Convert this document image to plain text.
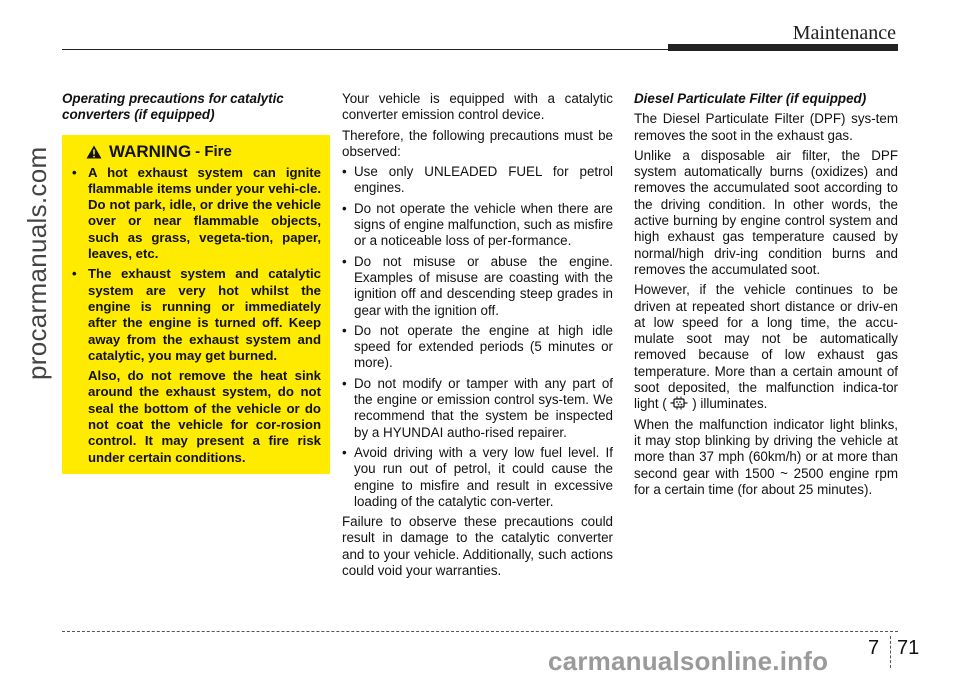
Maintenance
procarmanuals.com
Operating precautions for catalytic converters (if equipped)
WARNING - Fire
• A hot exhaust system can ignite flammable items under your vehi-cle. Do not park, idle, or drive the vehicle over or near flammable objects, such as grass, vegeta-tion, paper, leaves, etc.
• The exhaust system and catalytic system are very hot whilst the engine is running or immediately after the engine is turned off. Keep away from the exhaust system and catalytic, you may get burned.
Also, do not remove the heat sink around the exhaust system, do not seal the bottom of the vehicle or do not coat the vehicle for cor-rosion control. It may present a fire risk under certain conditions.
Your vehicle is equipped with a catalytic converter emission control device.
Therefore, the following precautions must be observed:
• Use only UNLEADED FUEL for petrol engines.
• Do not operate the vehicle when there are signs of engine malfunction, such as misfire or a noticeable loss of per-formance.
• Do not misuse or abuse the engine. Examples of misuse are coasting with the ignition off and descending steep grades in gear with the ignition off.
• Do not operate the engine at high idle speed for extended periods (5 minutes or more).
• Do not modify or tamper with any part of the engine or emission control sys-tem. We recommend that the system be inspected by a HYUNDAI autho-rised repairer.
• Avoid driving with a very low fuel level. If you run out of petrol, it could cause the engine to misfire and result in excessive loading of the catalytic con-verter.
Failure to observe these precautions could result in damage to the catalytic converter and to your vehicle. Additionally, such actions could void your warranties.
Diesel Particulate Filter (if equipped)
The Diesel Particulate Filter (DPF) sys-tem removes the soot in the exhaust gas.
Unlike a disposable air filter, the DPF system automatically burns (oxidizes) and removes the accumulated soot according to the driving condition. In other words, the active burning by engine control system and high exhaust gas temperature caused by normal/high driv-ing condition burns and removes the accumulated soot.
However, if the vehicle continues to be driven at repeated short distance or driv-en at low speed for a long time, the accu-mulate soot may not be automatically removed because of low exhaust gas temperature. More than a certain amount of soot deposited, the malfunction indica-tor light ( ) illuminates.
When the malfunction indicator light blinks, it may stop blinking by driving the vehicle at more than 37 mph (60km/h) or at more than second gear with 1500 ~ 2500 engine rpm for a certain time (for about 25 minutes).
7 71
carmanualsonline.info
